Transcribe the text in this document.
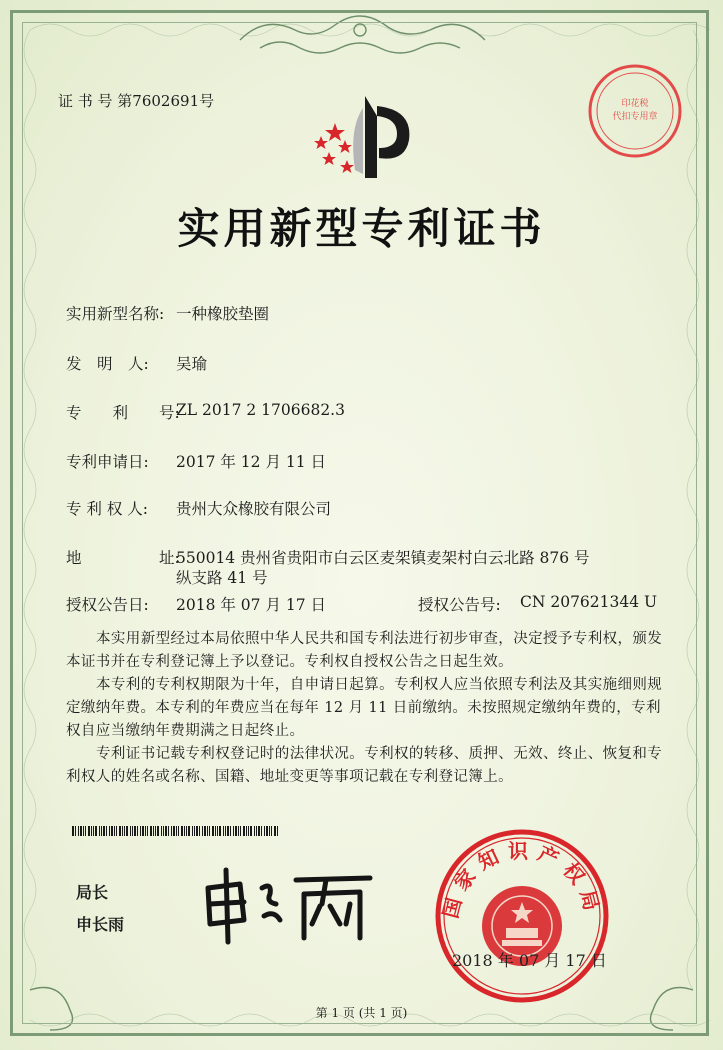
证 书 号 第7602691号	印花税
代扣专用章
实用新型专利证书
实用新型名称: 一种橡胶垫圈
发　明　人: 吴瑜
专　　利　　号:
ZL 2017 2 1706682.3
专利申请日: 2017 年 12 月 11 日
专 利 权 人: 贵州大众橡胶有限公司
地　　　　　址:
550014 贵州省贵阳市白云区麦架镇麦架村白云北路 876 号
纵支路 41 号
授权公告日: 2018 年 07 月 17 日	授权公告号: CN 207621344 U
本实用新型经过本局依照中华人民共和国专利法进行初步审查，决定授予专利权，颁发本证书并在专利登记簿上予以登记。专利权自授权公告之日起生效。
本专利的专利权期限为十年，自申请日起算。专利权人应当依照专利法及其实施细则规定缴纳年费。本专利的年费应当在每年 12 月 11 日前缴纳。未按照规定缴纳年费的，专利权自应当缴纳年费期满之日起终止。
专利证书记载专利权登记时的法律状况。专利权的转移、质押、无效、终止、恢复和专利权人的姓名或名称、国籍、地址变更等事项记载在专利登记簿上。
局长
申长雨
国家知识产权局
2018 年 07 月 17 日
第 1 页 (共 1 页)
